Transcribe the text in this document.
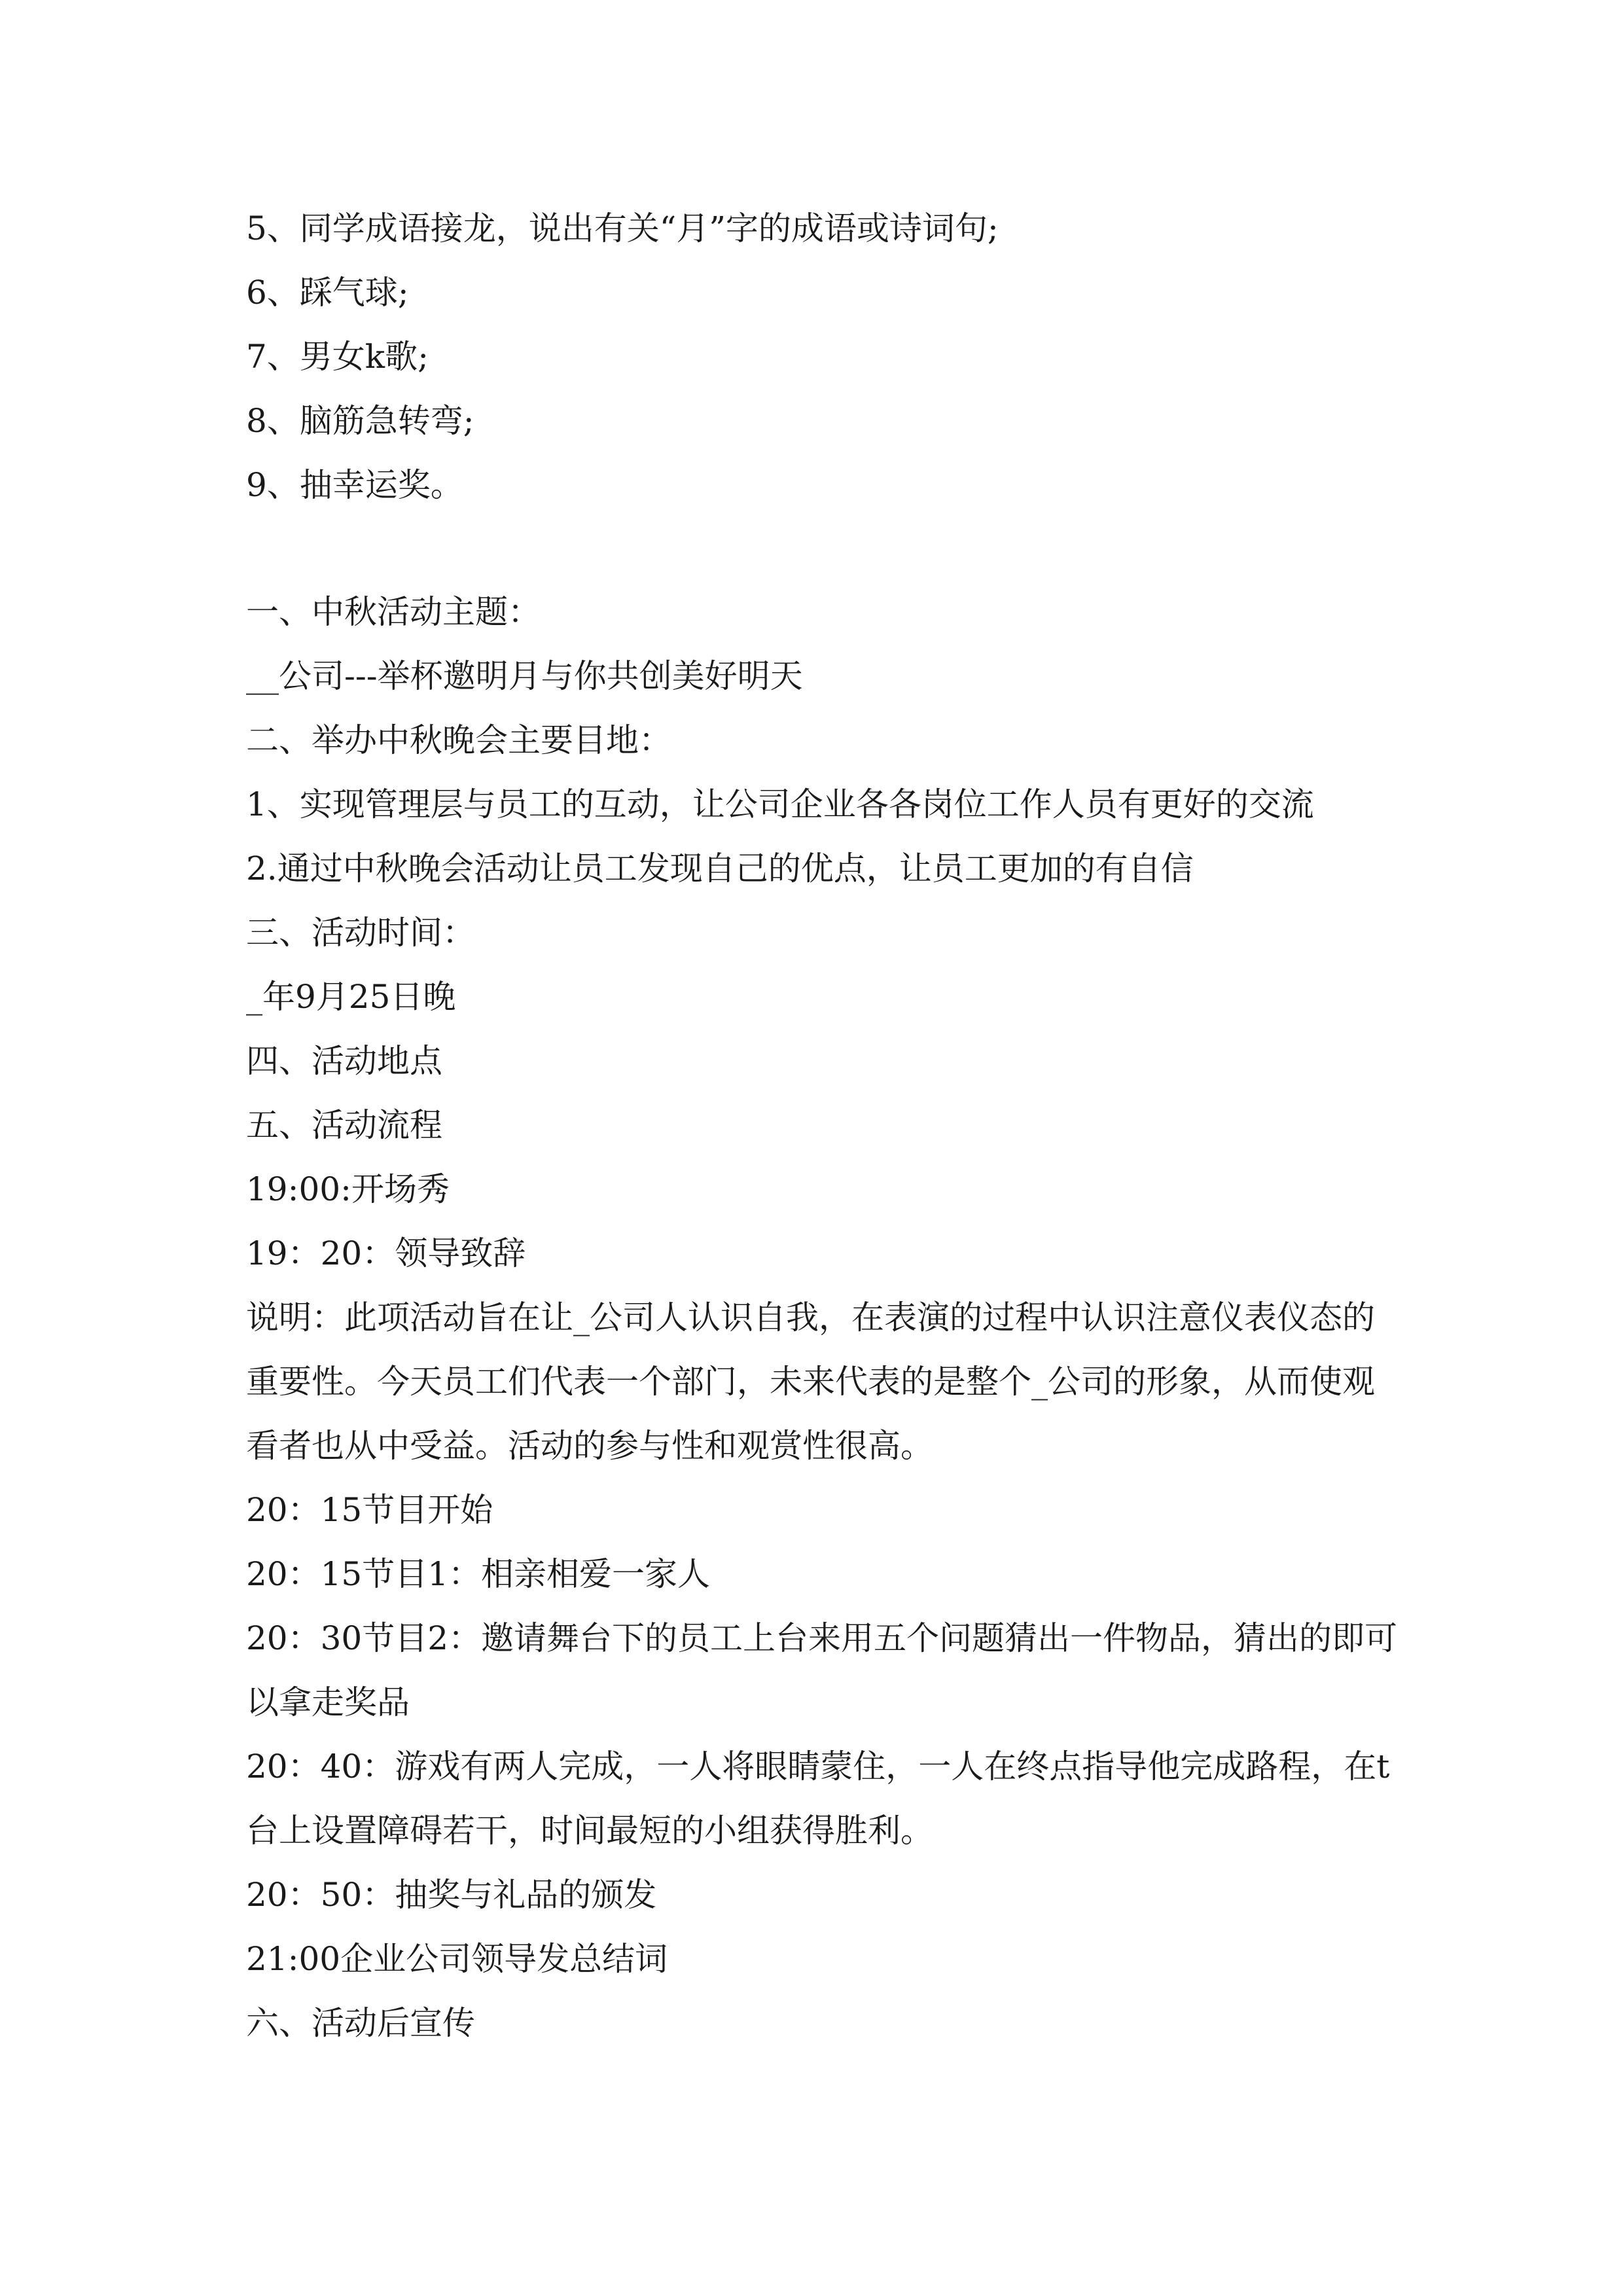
5、同学成语接龙，说出有关“月”字的成语或诗词句;
6、踩气球;
7、男女k歌;
8、脑筋急转弯;
9、抽幸运奖。
一、中秋活动主题：
__公司---举杯邀明月与你共创美好明天
二、举办中秋晚会主要目地：
1、实现管理层与员工的互动，让公司企业各各岗位工作人员有更好的交流
2.通过中秋晚会活动让员工发现自己的优点，让员工更加的有自信
三、活动时间：
_年9月25日晚
四、活动地点
五、活动流程
19:00:开场秀
19：20：领导致辞
说明：此项活动旨在让_公司人认识自我，在表演的过程中认识注意仪表仪态的
重要性。今天员工们代表一个部门，未来代表的是整个_公司的形象，从而使观
看者也从中受益。活动的参与性和观赏性很高。
20：15节目开始
20：15节目1：相亲相爱一家人
20：30节目2：邀请舞台下的员工上台来用五个问题猜出一件物品，猜出的即可
以拿走奖品
20：40：游戏有两人完成，一人将眼睛蒙住，一人在终点指导他完成路程，在t
台上设置障碍若干，时间最短的小组获得胜利。
20：50：抽奖与礼品的颁发
21:00企业公司领导发总结词
六、活动后宣传
